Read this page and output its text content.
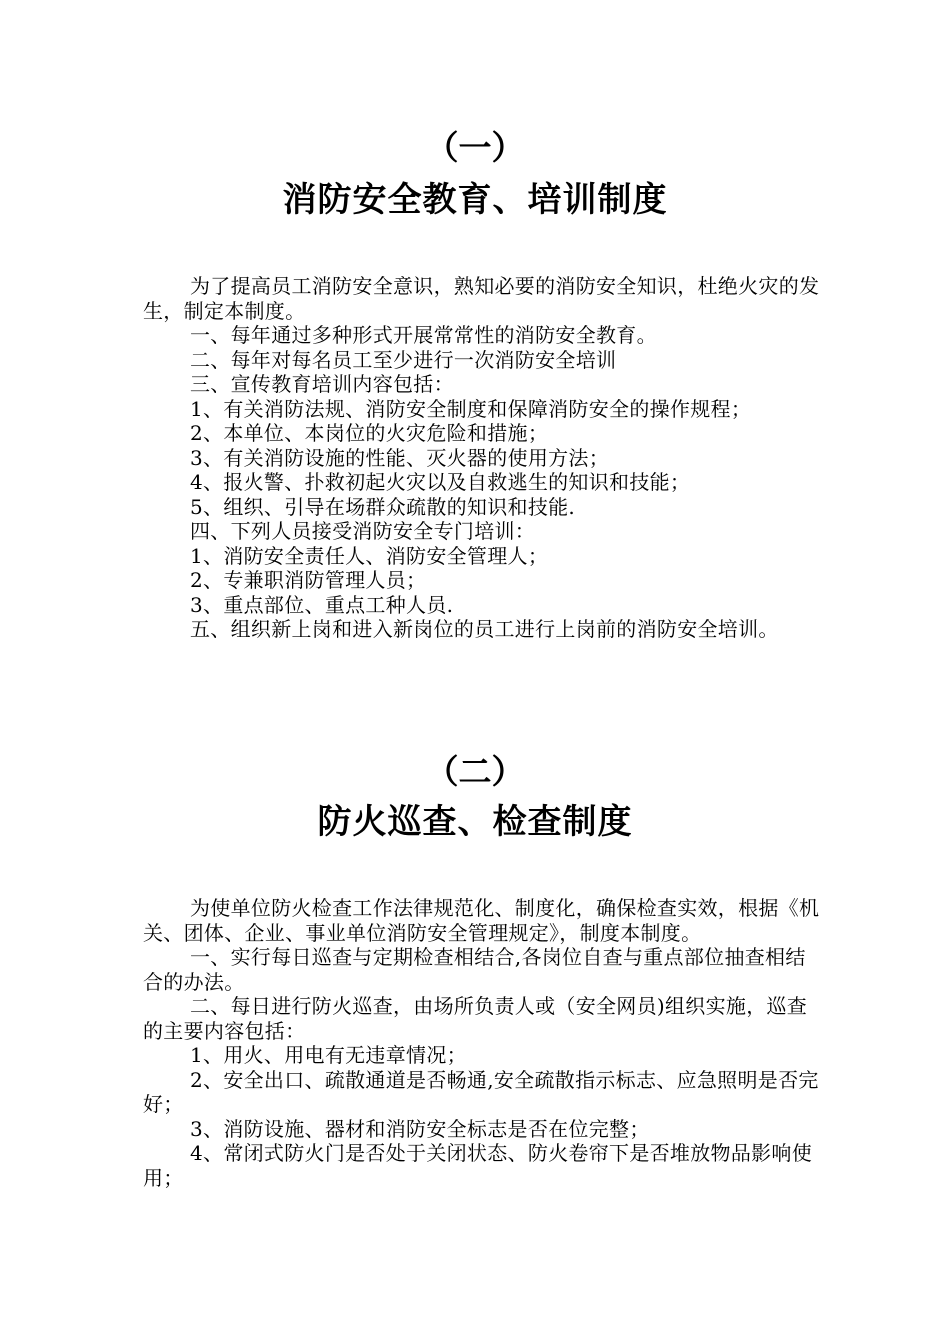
（一）
消防安全教育、培训制度

为了提高员工消防安全意识，熟知必要的消防安全知识，杜绝火灾的发生，制定本制度。

一、每年通过多种形式开展常常性的消防安全教育。

二、每年对每名员工至少进行一次消防安全培训

三、宣传教育培训内容包括：

1、有关消防法规、消防安全制度和保障消防安全的操作规程；

2、本单位、本岗位的火灾危险和措施；

3、有关消防设施的性能、灭火器的使用方法；

4、报火警、扑救初起火灾以及自救逃生的知识和技能；

5、组织、引导在场群众疏散的知识和技能.

四、下列人员接受消防安全专门培训：

1、消防安全责任人、消防安全管理人；

2、专兼职消防管理人员；

3、重点部位、重点工种人员.

五、组织新上岗和进入新岗位的员工进行上岗前的消防安全培训。

（二）
防火巡查、检查制度

为使单位防火检查工作法律规范化、制度化，确保检查实效，根据《机关、团体、企业、事业单位消防安全管理规定》，制度本制度。

一、实行每日巡查与定期检查相结合,各岗位自查与重点部位抽查相结合的办法。

二、每日进行防火巡查，由场所负责人或（安全网员)组织实施，巡查的主要内容包括：

1、用火、用电有无违章情况；

2、安全出口、疏散通道是否畅通,安全疏散指示标志、应急照明是否完好；

3、消防设施、器材和消防安全标志是否在位完整；

4、常闭式防火门是否处于关闭状态、防火卷帘下是否堆放物品影响使用；
